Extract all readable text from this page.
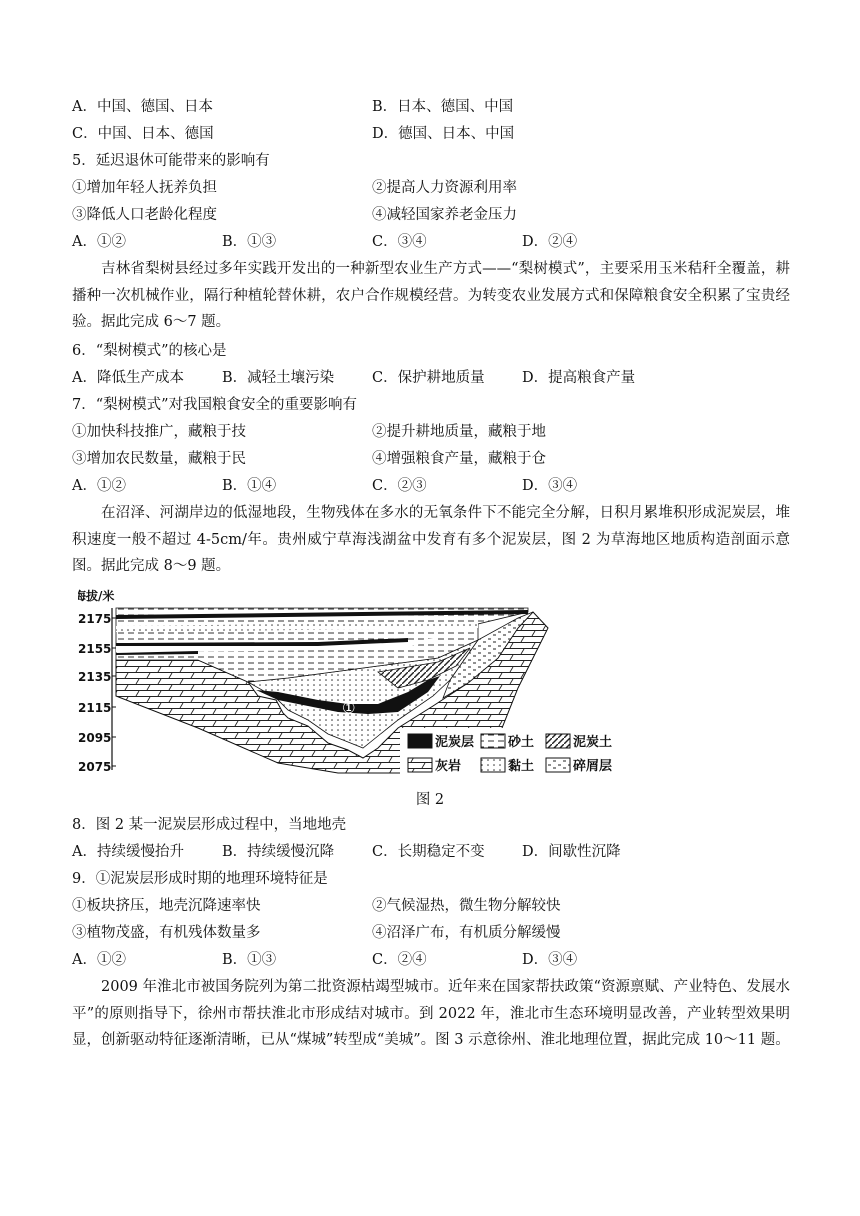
A．中国、德国、日本	B．日本、德国、中国
C．中国、日本、德国	D．德国、日本、中国
5．延迟退休可能带来的影响有
①增加年轻人抚养负担	②提高人力资源利用率
③降低人口老龄化程度	④减轻国家养老金压力
A．①②	B．①③	C．③④	D．②④
吉林省梨树县经过多年实践开发出的一种新型农业生产方式——“梨树模式”，主要采用玉米秸秆全覆盖，耕播种一次机械作业，隔行种植轮替休耕，农户合作规模经营。为转变农业发展方式和保障粮食安全积累了宝贵经验。据此完成 6～7 题。
6．“梨树模式”的核心是
A．降低生产成本	B．减轻土壤污染	C．保护耕地质量	D．提高粮食产量
7．“梨树模式”对我国粮食安全的重要影响有
①加快科技推广，藏粮于技	②提升耕地质量，藏粮于地
③增加农民数量，藏粮于民	④增强粮食产量，藏粮于仓
A．①②	B．①④	C．②③	D．③④
在沼泽、河湖岸边的低湿地段，生物残体在多水的无氧条件下不能完全分解，日积月累堆积形成泥炭层，堆积速度一般不超过 4-5cm/年。贵州威宁草海浅湖盆中发育有多个泥炭层，图 2 为草海地区地质构造剖面示意图。据此完成 8～9 题。
海拔/米
2175
2155
2135
2115
2095
2075
①
泥炭层	砂土	泥炭土
灰岩	黏土	碎屑层
图 2
8．图 2 某一泥炭层形成过程中，当地地壳
A．持续缓慢抬升	B．持续缓慢沉降	C．长期稳定不变	D．间歇性沉降
9．①泥炭层形成时期的地理环境特征是
①板块挤压，地壳沉降速率快	②气候湿热，微生物分解较快
③植物茂盛，有机残体数量多	④沼泽广布，有机质分解缓慢
A．①②	B．①③	C．②④	D．③④
2009 年淮北市被国务院列为第二批资源枯竭型城市。近年来在国家帮扶政策“资源禀赋、产业特色、发展水平”的原则指导下，徐州市帮扶淮北市形成结对城市。到 2022 年，淮北市生态环境明显改善，产业转型效果明显，创新驱动特征逐渐清晰，已从“煤城”转型成“美城”。图 3 示意徐州、淮北地理位置，据此完成 10～11 题。
